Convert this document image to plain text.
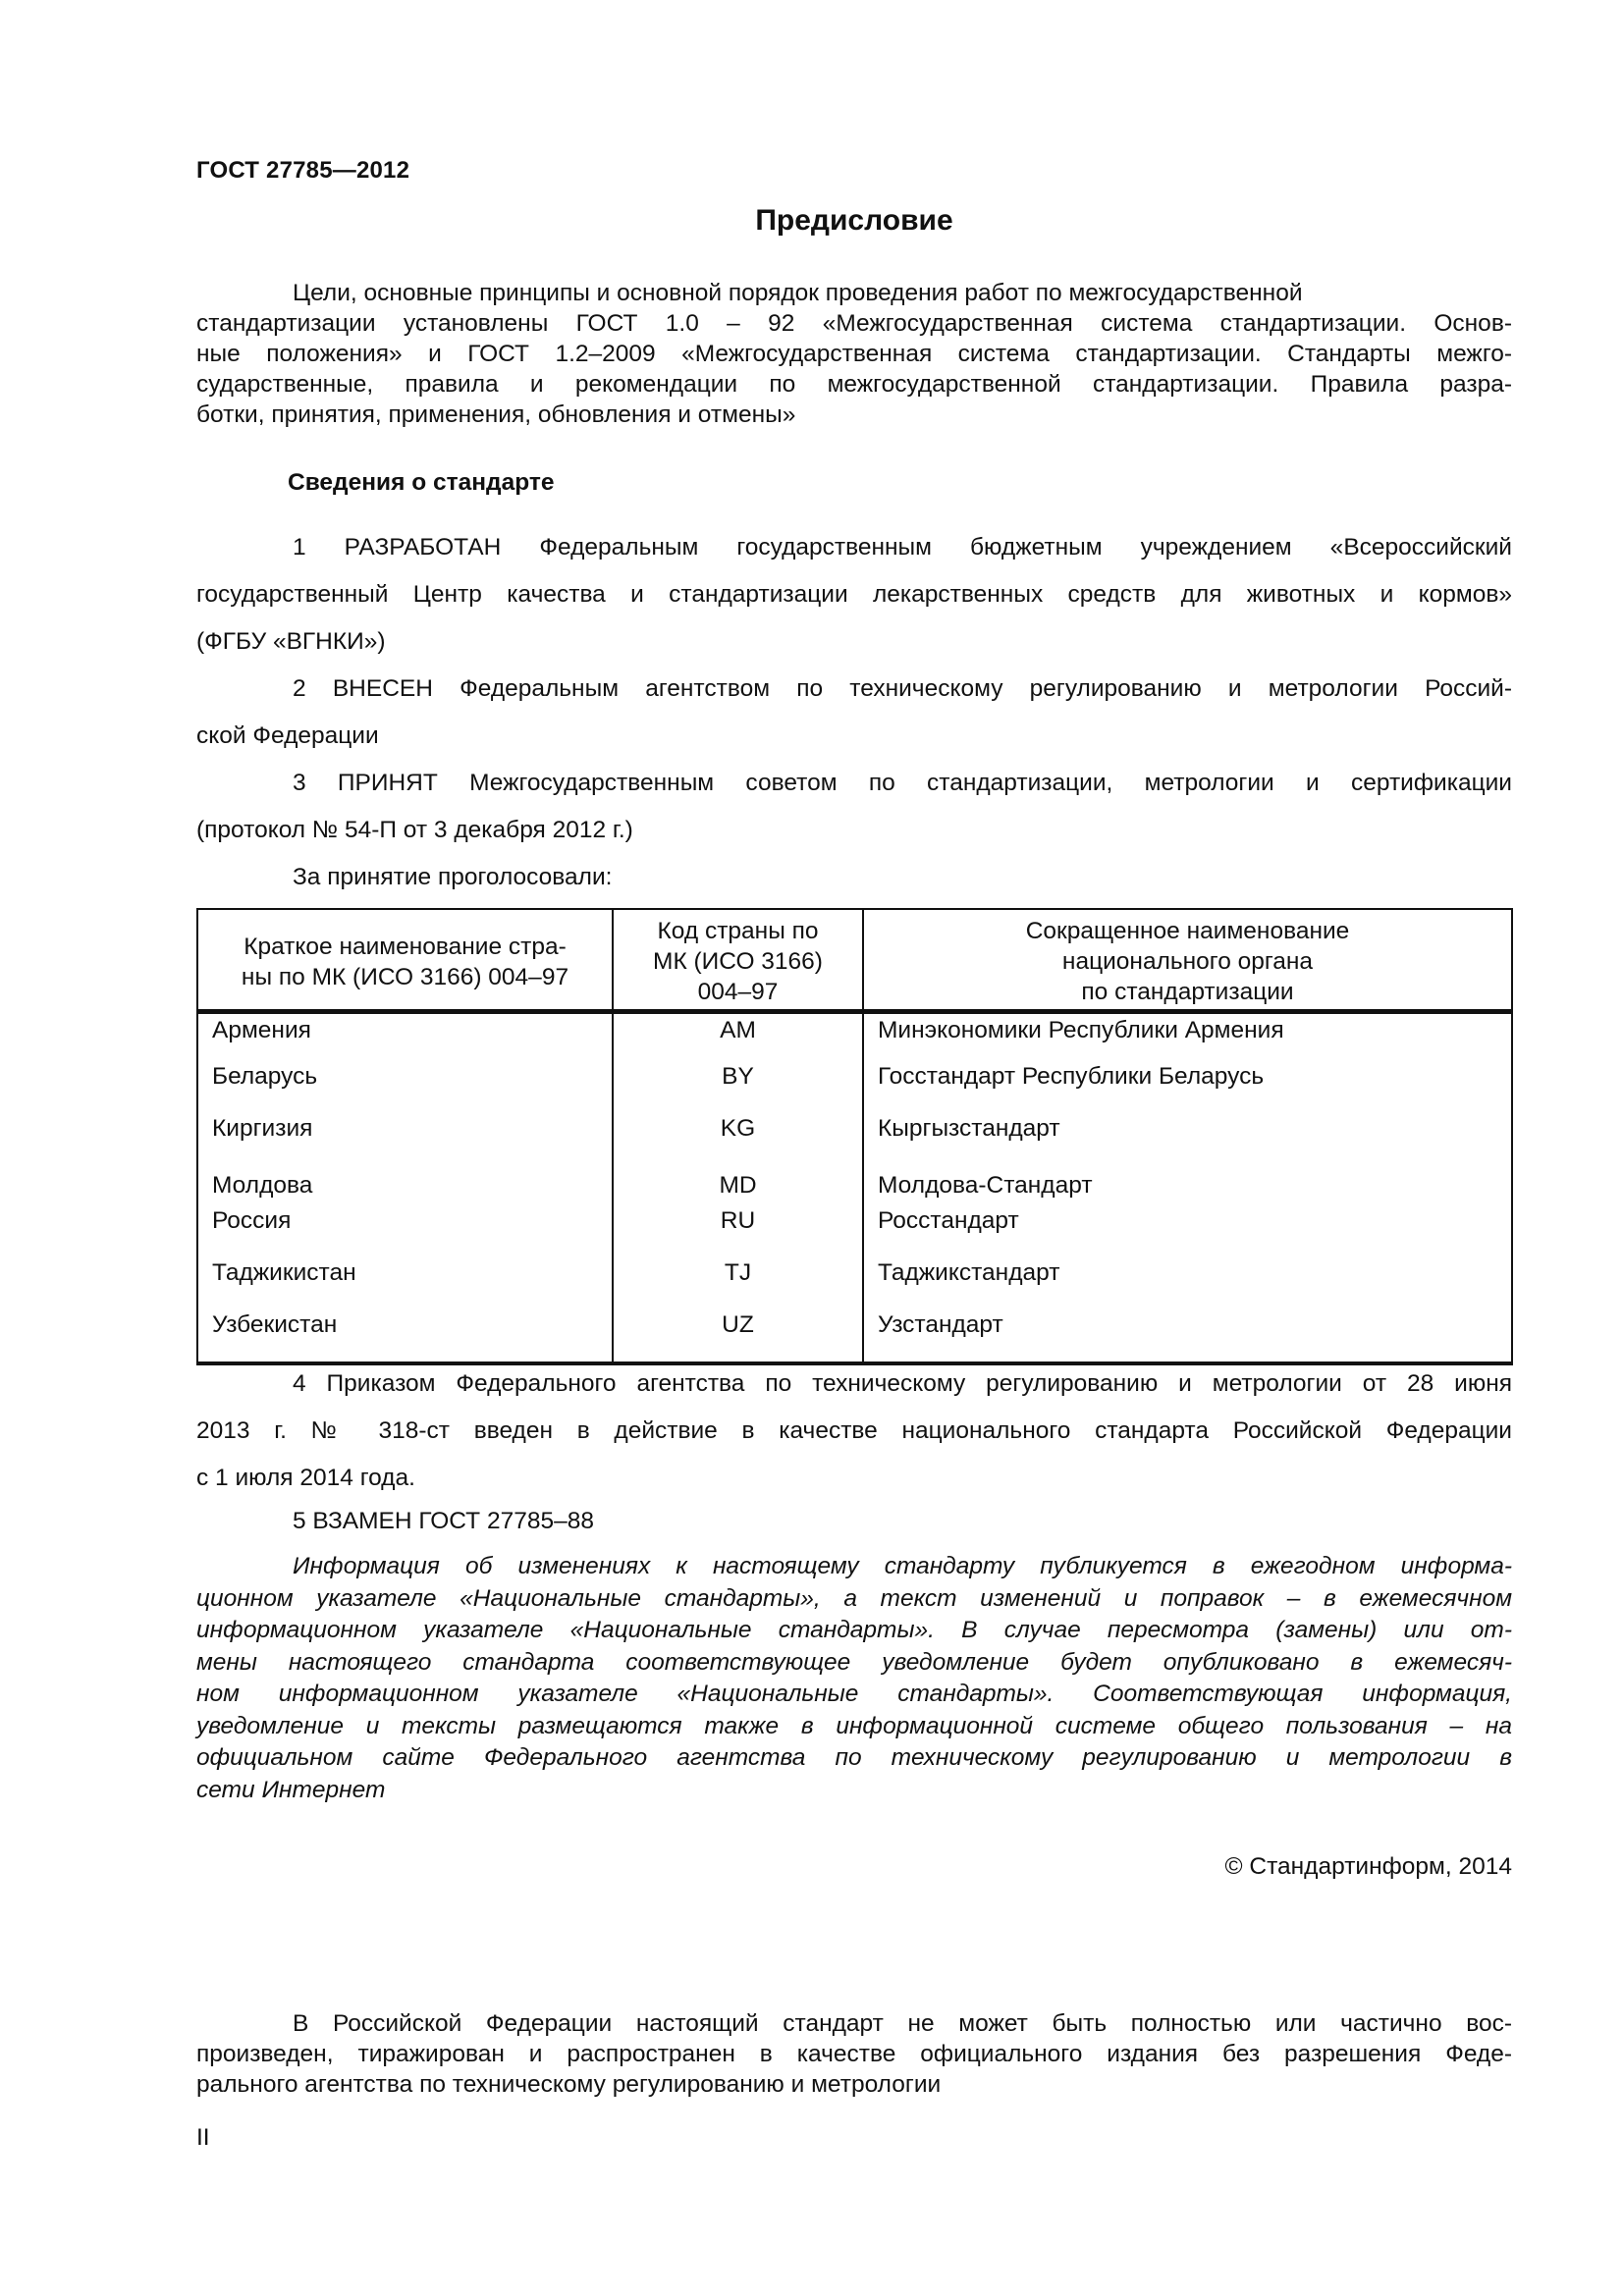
ГОСТ 27785—2012
Предисловие
Цели, основные принципы и основной порядок проведения работ по межгосударственной
стандартизации установлены ГОСТ 1.0 – 92 «Межгосударственная система стандартизации. Основ-
ные положения» и ГОСТ 1.2–2009 «Межгосударственная система стандартизации. Стандарты межго-
сударственные, правила и рекомендации по межгосударственной стандартизации. Правила разра-
ботки, принятия, применения, обновления и отмены»
Сведения о стандарте
1 РАЗРАБОТАН Федеральным государственным бюджетным учреждением «Всероссийский
государственный Центр качества и стандартизации лекарственных средств для животных и кормов»
(ФГБУ «ВГНКИ»)
2 ВНЕСЕН Федеральным агентством по техническому регулированию и метрологии Россий-
ской Федерации
3 ПРИНЯТ Межгосударственным советом по стандартизации, метрологии и сертификации
(протокол № 54-П от 3 декабря 2012 г.)
За принятие проголосовали:
Краткое наименование стра-
ны по МК (ИСО 3166) 004–97

Код страны по
МК (ИСО 3166)
004–97

Сокращенное наименование
национального органа
по стандартизации

Армения	AM	Минэкономики Республики Армения
Беларусь	BY	Госстандарт Республики Беларусь
Киргизия	KG	Кыргызстандарт
Молдова	MD	Молдова-Стандарт
Россия	RU	Росстандарт
Таджикистан	TJ	Таджикстандарт
Узбекистан	UZ	Узстандарт
4 Приказом Федерального агентства по техническому регулированию и метрологии от 28 июня
2013 г. № 318-ст введен в действие в качестве национального стандарта Российской Федерации
с 1 июля 2014 года.
5 ВЗАМЕН ГОСТ 27785–88
Информация об изменениях к настоящему стандарту публикуется в ежегодном информа-
ционном указателе «Национальные стандарты», а текст изменений и поправок – в ежемесячном
информационном указателе «Национальные стандарты». В случае пересмотра (замены) или от-
мены настоящего стандарта соответствующее уведомление будет опубликовано в ежемесяч-
ном информационном указателе «Национальные стандарты». Соответствующая информация,
уведомление и тексты размещаются также в информационной системе общего пользования – на
официальном сайте Федерального агентства по техническому регулированию и метрологии в
сети Интернет
© Стандартинформ, 2014
В Российской Федерации настоящий стандарт не может быть полностью или частично вос-
произведен, тиражирован и распространен в качестве официального издания без разрешения Феде-
рального агентства по техническому регулированию и метрологии
II
